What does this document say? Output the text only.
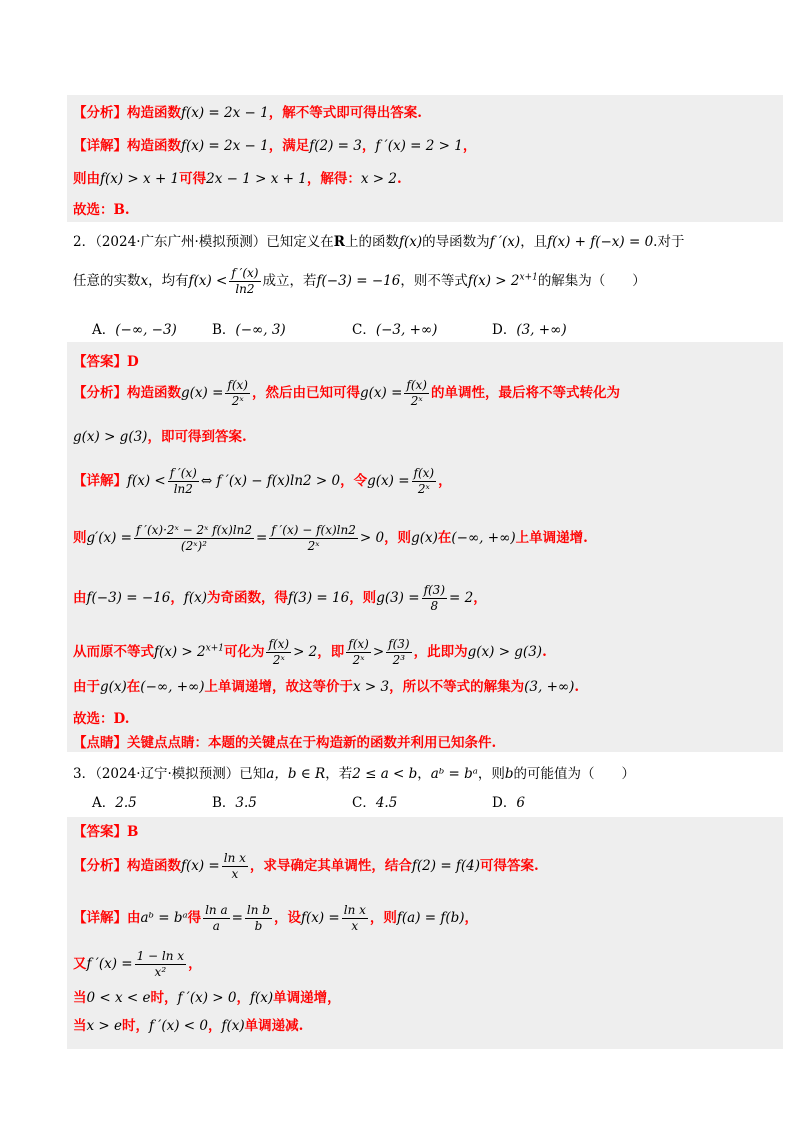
【分析】构造函数f(x) = 2x − 1，解不等式即可得出答案.
【详解】构造函数f(x) = 2x − 1，满足f(2) = 3，f ′(x) = 2 > 1，
则由f(x) > x + 1可得2x − 1 > x + 1，解得：x > 2.
故选：B.
2．（2024·广东广州·模拟预测）已知定义在R上的函数f(x)的导函数为f ′(x)，且f(x) + f(−x) = 0.对于
任意的实数x，均有$f(x) < \frac{f '(x)}{\ln 2}$ 成立，若f(−3) = −16，则不等式$f(x) > 2^{x+1}$的解集为（　　）
A．(−∞, −3)	B．(−∞, 3)	C．(−3, +∞)	D．(3, +∞)
【答案】D
【分析】构造函数$g(x) = \frac{f(x)}{\text{2ˣ}}$ ，然后由已知可得$g(x) = \frac{f(x)}{\text{2ˣ}}$ 的单调性，最后将不等式转化为
g(x) > g(3)，即可得到答案.
【详解】$f(x) < \frac{f '(x)}{\ln 2}$ ⇔ f ′(x) − f(x)ln2 > 0，令$g(x) = \frac{f(x)}{\text{2ˣ}}$ ，
则$g'(x) = \frac{\text{f ′(x)·2ˣ − 2ˣ f(x)ln2}}{\text{(2ˣ)²}} = \frac{f '(x) - f(x)\ln 2}{\text{2ˣ}} > 0$，则g(x)在(−∞, +∞)上单调递增.
由f(−3) = −16，f(x)为奇函数，得f(3) = 16，则$g(3) = \frac{f(3)}{8} = 2$，
从而原不等式$f(x) > 2^{x+1}$可化为 $\frac{f(x)}{\text{2ˣ}} > 2$，即 $\frac{f(x)}{\text{2ˣ}} > \frac{f(3)}{\text{2³}}$ ，此即为g(x) > g(3).
由于g(x)在(−∞, +∞)上单调递增，故这等价于x > 3，所以不等式的解集为(3, +∞).
故选：D.
【点睛】关键点点睛：本题的关键点在于构造新的函数并利用已知条件.
3．（2024·辽宁·模拟预测）已知a，b ∈ R，若2 ≤ a < b，aᵇ = bᵃ，则b的可能值为（　　）
A．2.5	B．3.5	C．4.5	D．6
【答案】B
【分析】构造函数$f(x) = \frac{\text{ln x}}{x}$ ，求导确定其单调性，结合f(2) = f(4)可得答案.
【详解】由aᵇ = bᵃ得 $\frac{\text{ln a}}{a} = \frac{\text{ln b}}{b}$ ，设$f(x) = \frac{\text{ln x}}{x}$ ，则f(a) = f(b)，
又f $'(x) = \frac{\text{1 − ln x}}{\text{x²}}$ ，
当0 < x < e时，f ′(x) > 0，f(x)单调递增，
当x > e时，f ′(x) < 0，f(x)单调递减.
